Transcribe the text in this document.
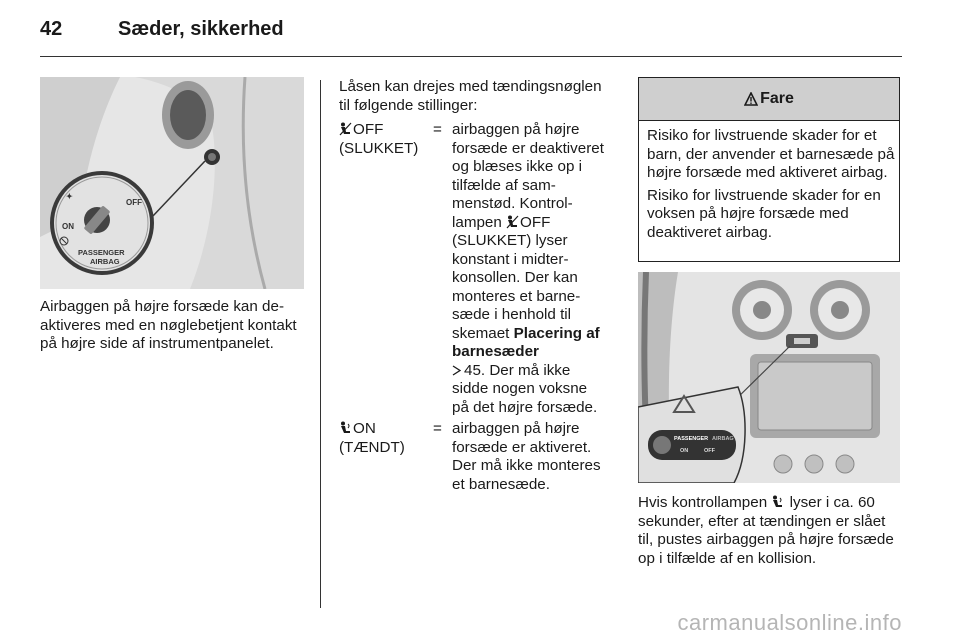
42	Sæder, sikkerhed
✦
ON
OFF
PASSENGER
AIRBAG
Airbaggen på højre forsæde kan deaktiveres med en nøglebetjent kontakt på højre side af instrumentpanelet.
Låsen kan drejes med tændingsnøglen til følgende stillinger:
OFF (SLUKKET)
= airbaggen på højre forsæde er deaktiveret og blæses ikke op i tilfælde af sammenstød. Kontrollampen OFF (SLUKKET) lyser konstant i midterkonsollen. Der kan monteres et barnesæde i henhold til skemaet Placering af barnesæder
45. Der må ikke sidde nogen voksne på det højre forsæde.
ON (TÆNDT)
= airbaggen på højre forsæde er aktiveret. Der må ikke monteres et barnesæde.
Fare

Risiko for livstruende skader for et barn, der anvender et barnesæde på højre forsæde med aktiveret airbag.

Risiko for livstruende skader for en voksen på højre forsæde med deaktiveret airbag.

PASSENGER AIRBAG
ON	OFF
Hvis kontrollampen  lyser i ca. 60 sekunder, efter at tændingen er slået til, pustes airbaggen på højre forsæde op i tilfælde af en kollision.
carmanualsonline.info
